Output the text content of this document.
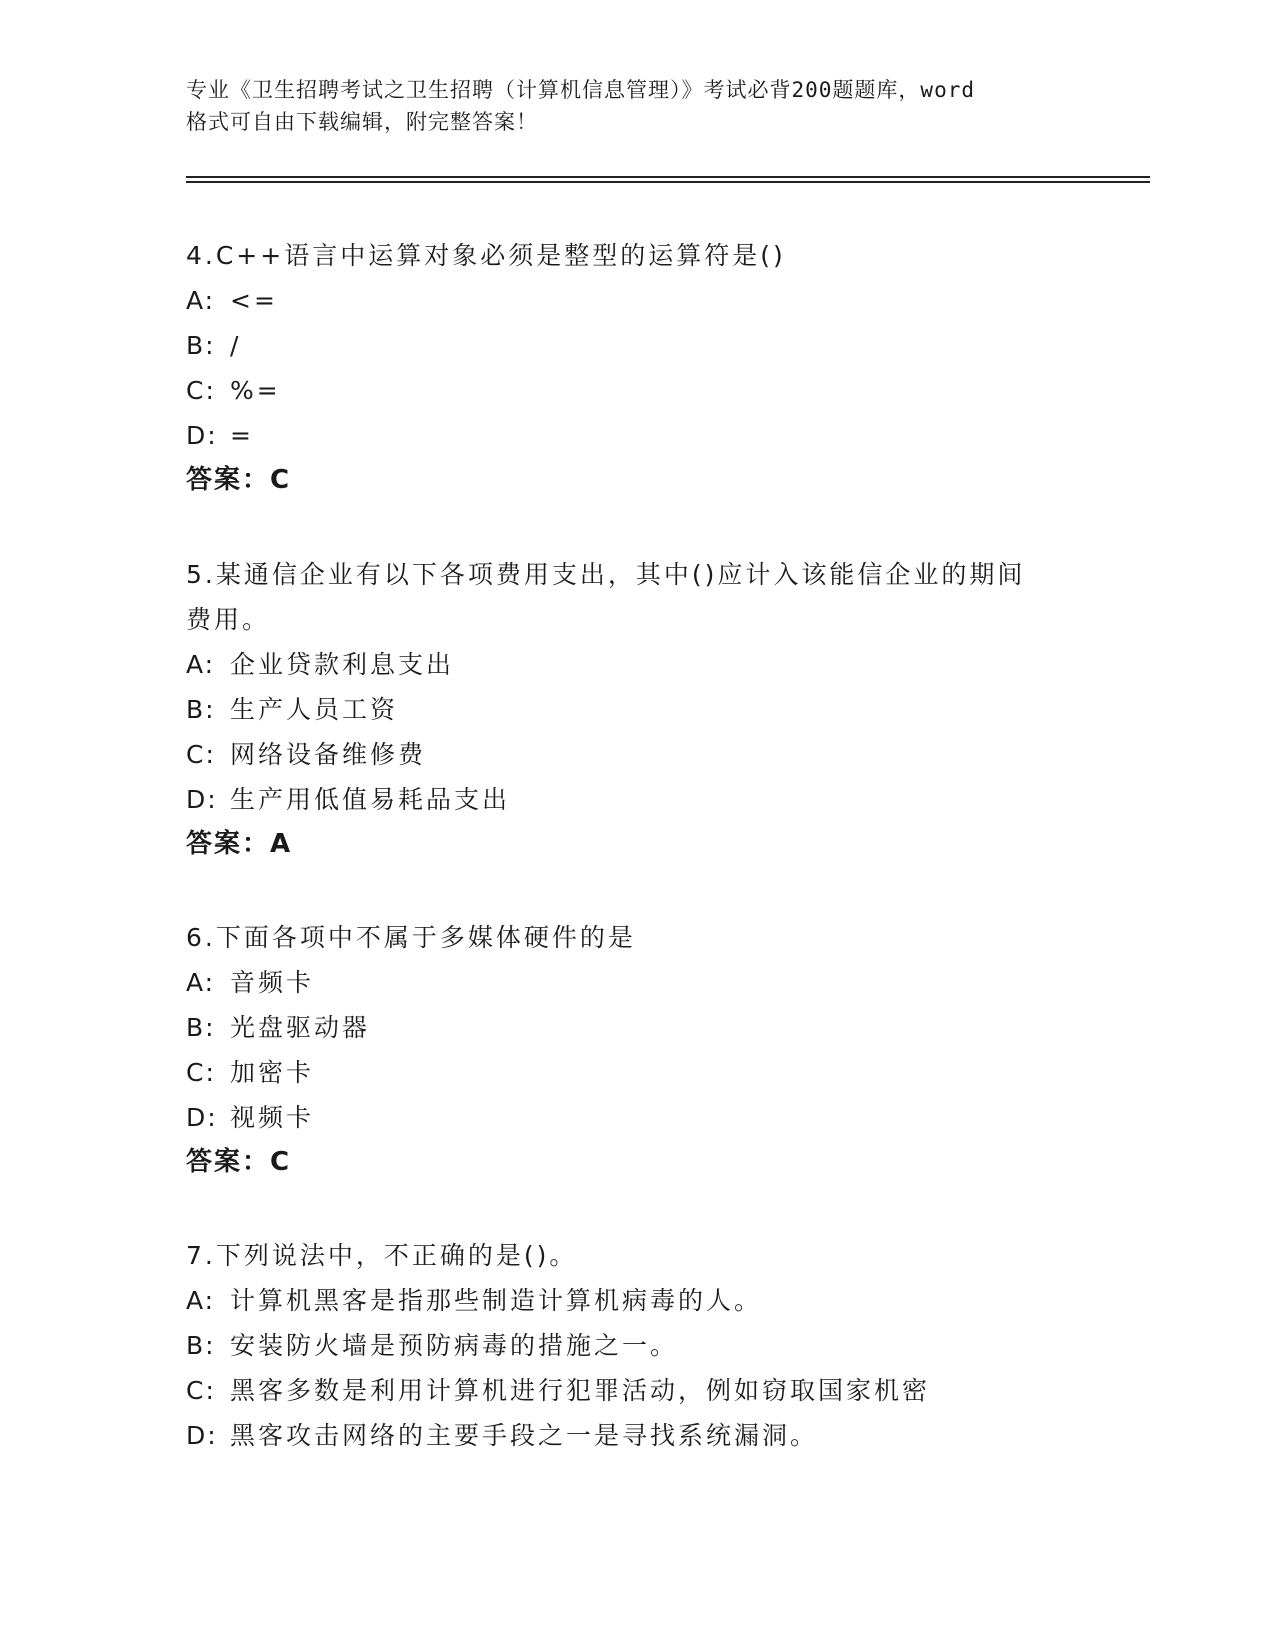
专业《卫生招聘考试之卫生招聘（计算机信息管理）》考试必背200题题库，word
格式可自由下载编辑，附完整答案！

4.C++语言中运算对象必须是整型的运算符是()

A: <=

B: /

C: %=

D: =

答案：C

5.某通信企业有以下各项费用支出，其中()应计入该能信企业的期间

费用。

A: 企业贷款利息支出

B: 生产人员工资

C: 网络设备维修费

D: 生产用低值易耗品支出

答案：A

6.下面各项中不属于多媒体硬件的是

A: 音频卡

B: 光盘驱动器

C: 加密卡

D: 视频卡

答案：C

7.下列说法中，不正确的是()。

A: 计算机黑客是指那些制造计算机病毒的人。

B: 安装防火墙是预防病毒的措施之一。

C: 黑客多数是利用计算机进行犯罪活动，例如窃取国家机密

D: 黑客攻击网络的主要手段之一是寻找系统漏洞。
